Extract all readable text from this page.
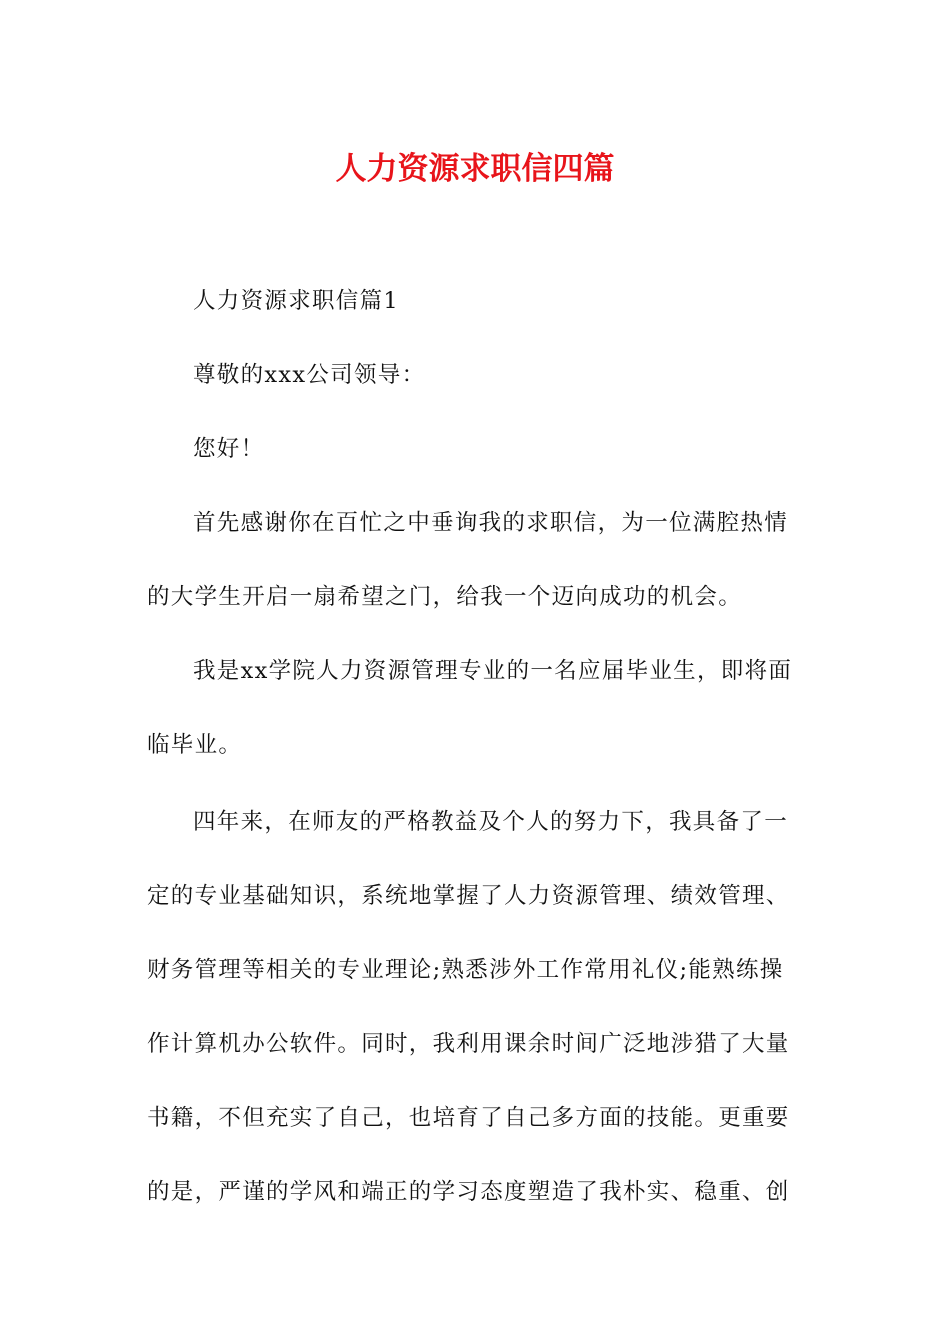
人力资源求职信四篇
人力资源求职信篇1
尊敬的xxx公司领导：
您好！
首先感谢你在百忙之中垂询我的求职信，为一位满腔热情
的大学生开启一扇希望之门，给我一个迈向成功的机会。
我是xx学院人力资源管理专业的一名应届毕业生，即将面
临毕业。
四年来，在师友的严格教益及个人的努力下，我具备了一
定的专业基础知识，系统地掌握了人力资源管理、绩效管理、
财务管理等相关的专业理论;熟悉涉外工作常用礼仪;能熟练操
作计算机办公软件。同时，我利用课余时间广泛地涉猎了大量
书籍，不但充实了自己，也培育了自己多方面的技能。更重要
的是，严谨的学风和端正的学习态度塑造了我朴实、稳重、创
